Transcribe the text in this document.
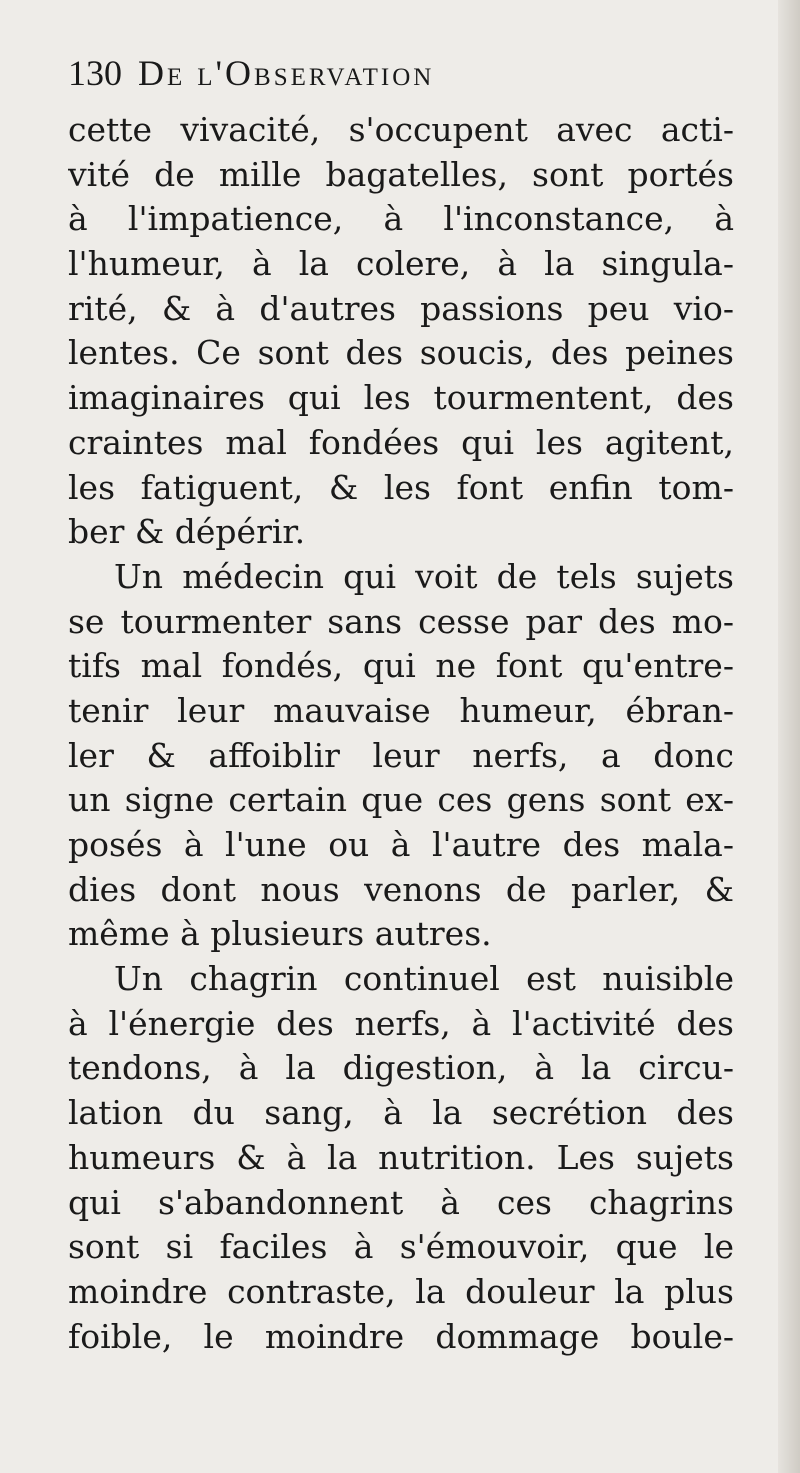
130 De l'Observation
cette vivacité, s'occupent avec acti-
vité de mille bagatelles, sont portés
à l'impatience, à l'inconstance, à
l'humeur, à la colere, à la singula-
rité, & à d'autres passions peu vio-
lentes. Ce sont des soucis, des peines
imaginaires qui les tourmentent, des
craintes mal fondées qui les agitent,
les fatiguent, & les font enfin tom-
ber & dépérir.
Un médecin qui voit de tels sujets
se tourmenter sans cesse par des mo-
tifs mal fondés, qui ne font qu'entre-
tenir leur mauvaise humeur, ébran-
ler & affoiblir leur nerfs, a donc
un signe certain que ces gens sont ex-
posés à l'une ou à l'autre des mala-
dies dont nous venons de parler, &
même à plusieurs autres.
Un chagrin continuel est nuisible
à l'énergie des nerfs, à l'activité des
tendons, à la digestion, à la circu-
lation du sang, à la secrétion des
humeurs & à la nutrition. Les sujets
qui s'abandonnent à ces chagrins
sont si faciles à s'émouvoir, que le
moindre contraste, la douleur la plus
foible, le moindre dommage boule-
